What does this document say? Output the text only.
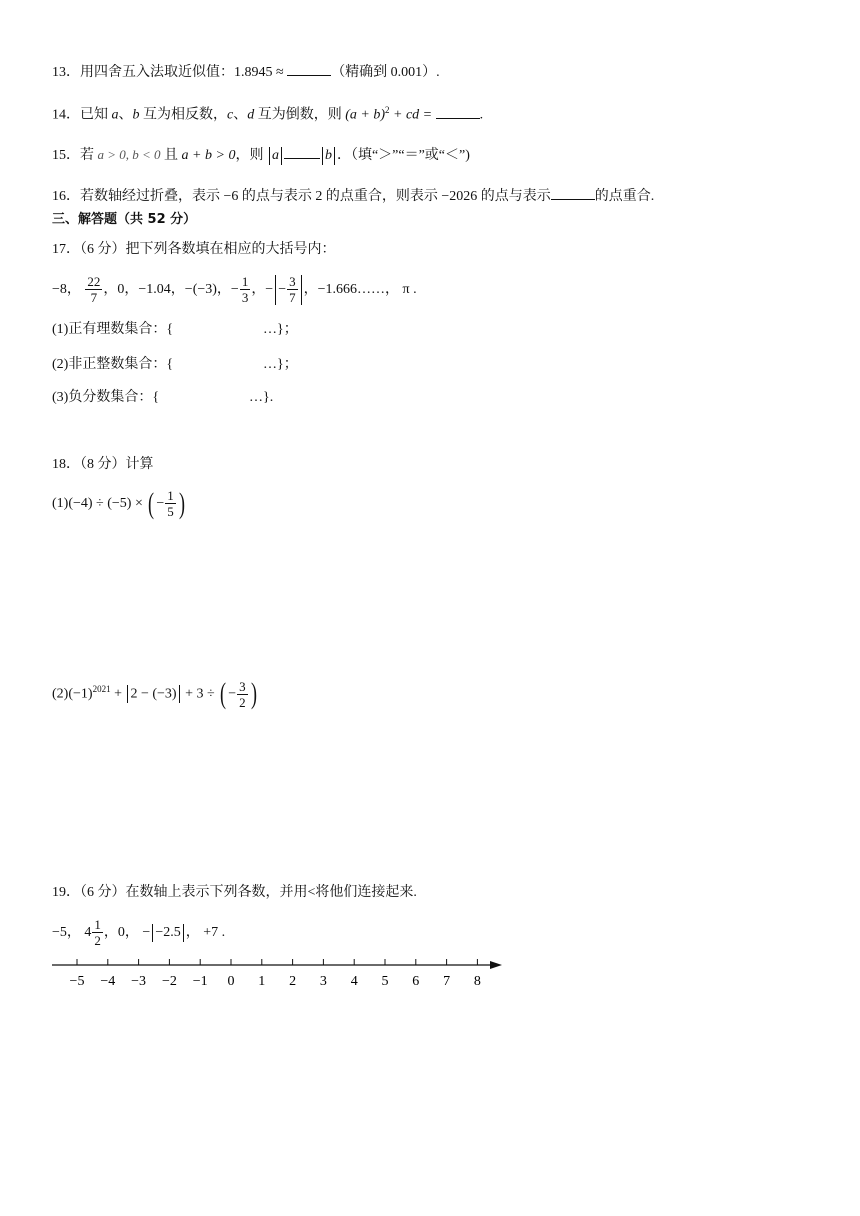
13．用四舍五入法取近似值：1.8945 ≈	（精确到 0.001）.
14．已知 a、b 互为相反数，c、d 互为倒数，则 $(a + b)^2$ + cd =	.
15．若 a > 0, b < 0 且 a + b > 0，则 a	b ．（填“＞”“＝”或“＜”)
16．若数轴经过折叠，表示 −6 的点与表示 2 的点重合，则表示 −2026 的点与表示	的点重合.
三、解答题（共 52 分）
17．（6 分）把下列各数填在相应的大括号内：
−8， $\frac{22}{7}$ ，0，−1.04，−(−3)，− $\frac{1}{3}$ ，− − $\frac{3}{7}$ ，−1.666……， π .
(1)正有理数集合：{	…}；
(2)非正整数集合：{	…}；
(3)负分数集合：{	…}.
18．（8 分）计算
(1)(−4) ÷ (−5) × ( − $\frac{1}{5}$ )
$(2)(-1)^{2021} + 2 - (-3) + 3$ ÷ ( − $\frac{3}{2}$ )
19．（6 分）在数轴上表示下列各数，并用<将他们连接起来.
−5， $4 \frac{1}{2}$ ，0， − −2.5 ， +7 .
−5 −4 −3 −2 −1 0 1 2 3 4 5 6 7 8
